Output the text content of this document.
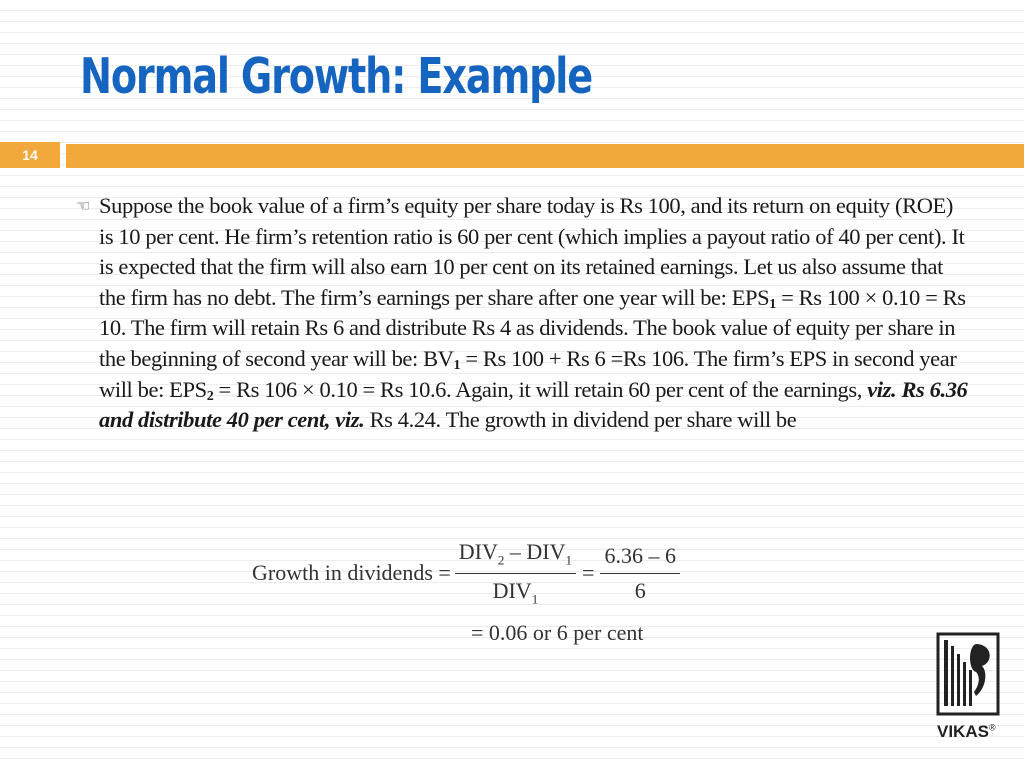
Normal Growth: Example
14
☜ Suppose the book value of a firm’s equity per share today is Rs 100, and its return on equity (ROE) is 10 per cent. He firm’s retention ratio is 60 per cent (which implies a payout ratio of 40 per cent). It is expected that the firm will also earn 10 per cent on its retained earnings. Let us also assume that the firm has no debt. The firm’s earnings per share after one year will be: $EPS_1 = Rs$ 100 × 0.10 = Rs 10. The firm will retain Rs 6 and distribute Rs 4 as dividends. The book value of equity per share in the beginning of second year will be: $BV_1 = Rs$ 100 + Rs 6 =Rs 106. The firm’s EPS in second year will be: $EPS_2 = Rs$ 106 × 0.10 = Rs 10.6. Again, it will retain 60 per cent of the earnings, viz. Rs 6.36 and distribute 40 per cent, viz. Rs 4.24. The growth in dividend per share will be
Growth in dividends = $\frac{DIV_2 - DIV_1}{DIV_1} = \frac{6.36 - 6}{6}$
= 0.06 or 6 per cent
VIKAS®
